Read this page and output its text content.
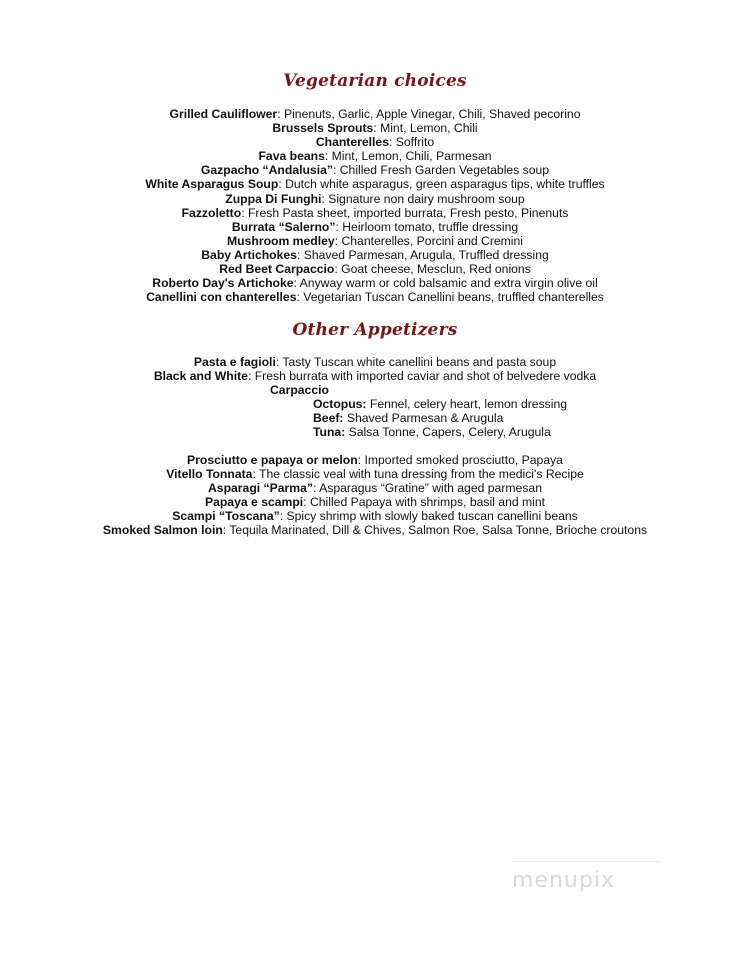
Vegetarian choices
Grilled Cauliflower: Pinenuts, Garlic, Apple Vinegar, Chili, Shaved pecorino
Brussels Sprouts: Mint, Lemon, Chili
Chanterelles: Soffrito
Fava beans: Mint, Lemon, Chili, Parmesan
Gazpacho “Andalusia”: Chilled Fresh Garden Vegetables soup
White Asparagus Soup: Dutch white asparagus, green asparagus tips, white truffles
Zuppa Di Funghi: Signature non dairy mushroom soup
Fazzoletto: Fresh Pasta sheet, imported burrata, Fresh pesto, Pinenuts
Burrata “Salerno”: Heirloom tomato, truffle dressing
Mushroom medley: Chanterelles, Porcini and Cremini
Baby Artichokes: Shaved Parmesan, Arugula, Truffled dressing
Red Beet Carpaccio: Goat cheese, Mesclun, Red onions
Roberto Day's Artichoke: Anyway warm or cold balsamic and extra virgin olive oil
Canellini con chanterelles: Vegetarian Tuscan Canellini beans, truffled chanterelles
Other Appetizers
Pasta e fagioli: Tasty Tuscan white canellini beans and pasta soup
Black and White: Fresh burrata with imported caviar and shot of belvedere vodka
Carpaccio
Octopus: Fennel, celery heart, lemon dressing
Beef: Shaved Parmesan & Arugula
Tuna: Salsa Tonne, Capers, Celery, Arugula
Prosciutto e papaya or melon: Imported smoked prosciutto, Papaya
Vitello Tonnata: The classic veal with tuna dressing from the medici's Recipe
Asparagi “Parma”: Asparagus “Gratine” with aged parmesan
Papaya e scampi: Chilled Papaya with shrimps, basil and mint
Scampi “Toscana”: Spicy shrimp with slowly baked tuscan canellini beans
Smoked Salmon loin: Tequila Marinated, Dill & Chives, Salmon Roe, Salsa Tonne, Brioche croutons
menupix
